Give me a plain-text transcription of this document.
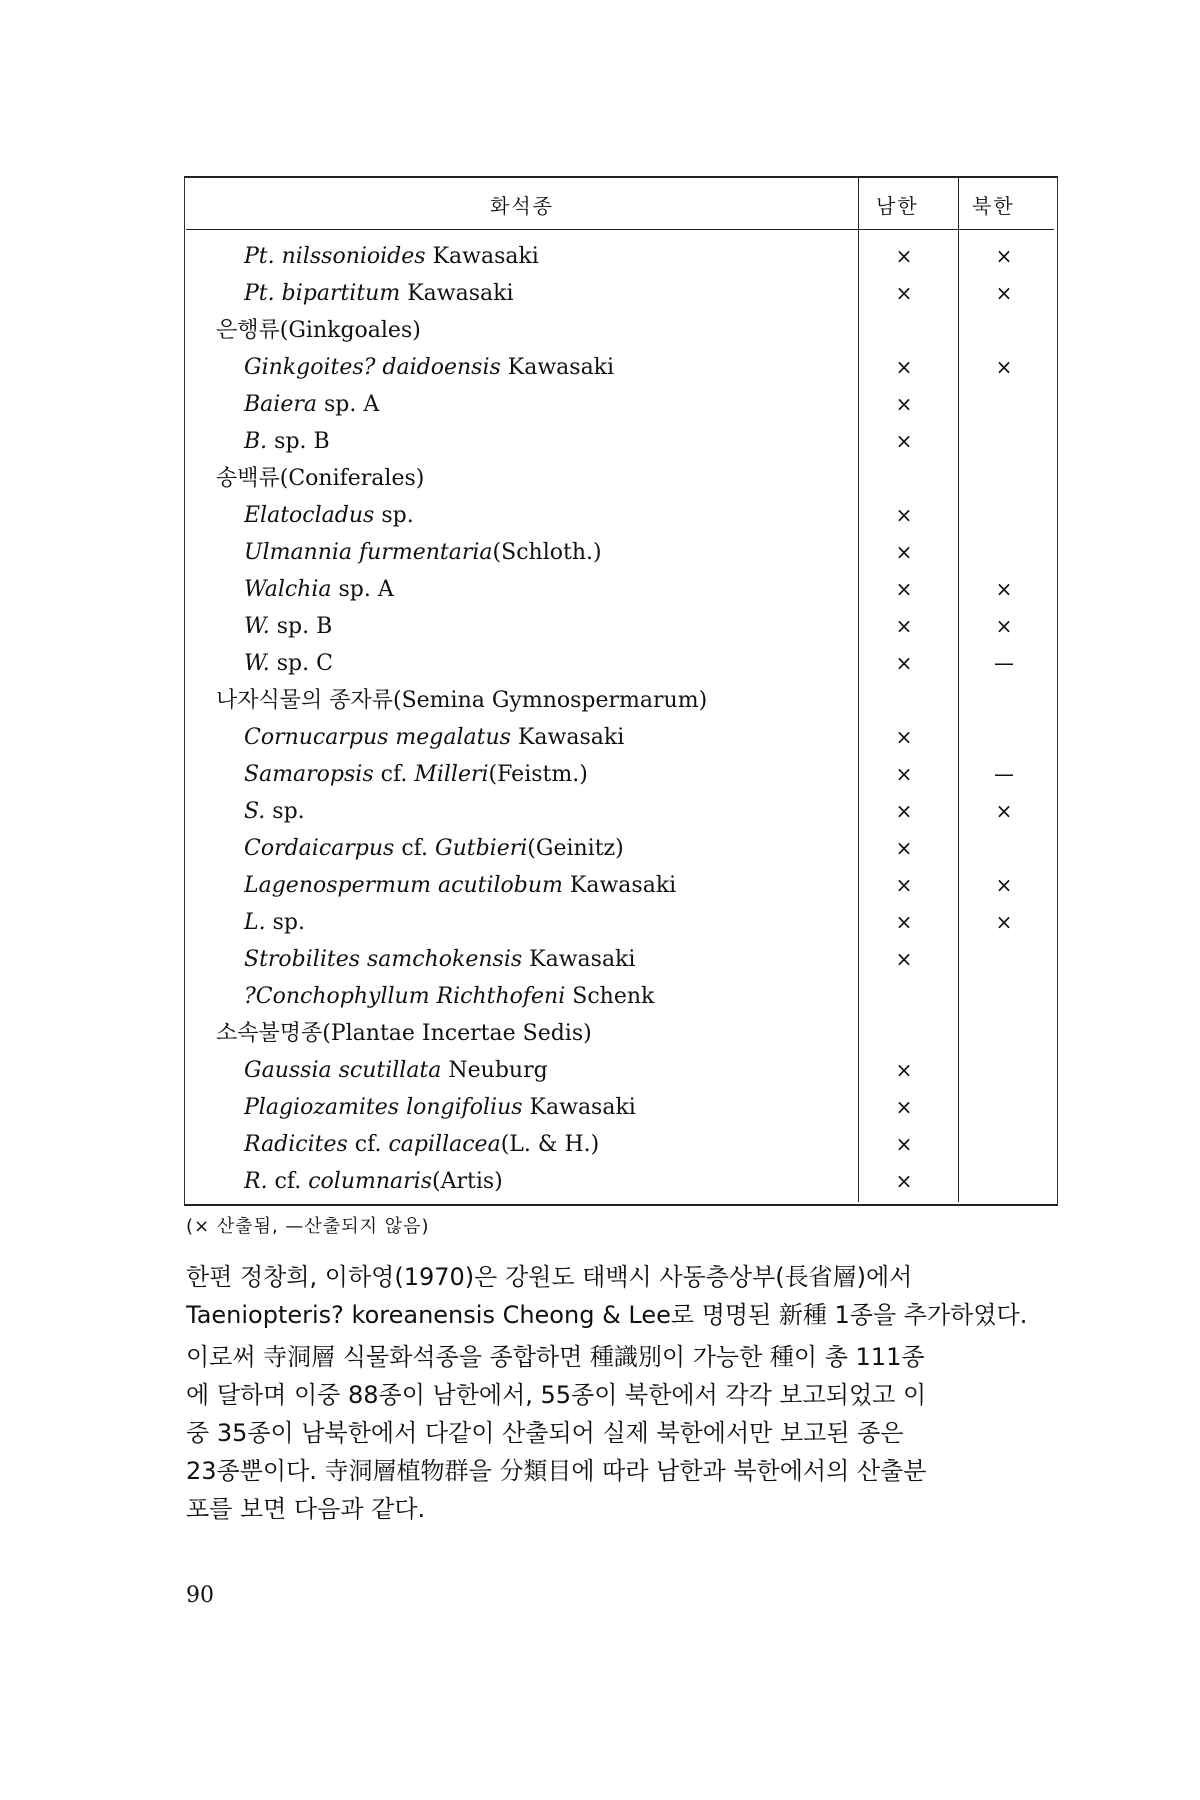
화석종	남한	북한
Pt. nilssonioides Kawasaki	×	×
Pt. bipartitum Kawasaki	×	×
은행류(Ginkgoales)
Ginkgoites? daidoensis Kawasaki	×	×
Baiera sp. A	×
B. sp. B	×
송백류(Coniferales)
Elatocladus sp.	×
Ulmannia furmentaria(Schloth.)	×
Walchia sp. A	×	×
W. sp. B	×	×
W. sp. C	×	—
나자식물의 종자류(Semina Gymnospermarum)
Cornucarpus megalatus Kawasaki	×
Samaropsis cf. Milleri(Feistm.)	×	—
S. sp.	×	×
Cordaicarpus cf. Gutbieri(Geinitz)	×
Lagenospermum acutilobum Kawasaki	×	×
L. sp.	×	×
Strobilites samchokensis Kawasaki	×
?Conchophyllum Richthofeni Schenk
소속불명종(Plantae Incertae Sedis)
Gaussia scutillata Neuburg	×
Plagiozamites longifolius Kawasaki	×
Radicites cf. capillacea(L. & H.)	×
R. cf. columnaris(Artis)	×
(× 산출됨, —산출되지 않음)
한편 정창희, 이하영(1970)은 강원도 태백시 사동층상부(長省層)에서
Taeniopteris? koreanensis Cheong & Lee로 명명된 新種 1종을 추가하였다.
이로써 寺洞層 식물화석종을 종합하면 種識別이 가능한 種이 총 111종
에 달하며 이중 88종이 남한에서, 55종이 북한에서 각각 보고되었고 이
중 35종이 남북한에서 다같이 산출되어 실제 북한에서만 보고된 종은
23종뿐이다. 寺洞層植物群을 分類目에 따라 남한과 북한에서의 산출분
포를 보면 다음과 같다.
90
